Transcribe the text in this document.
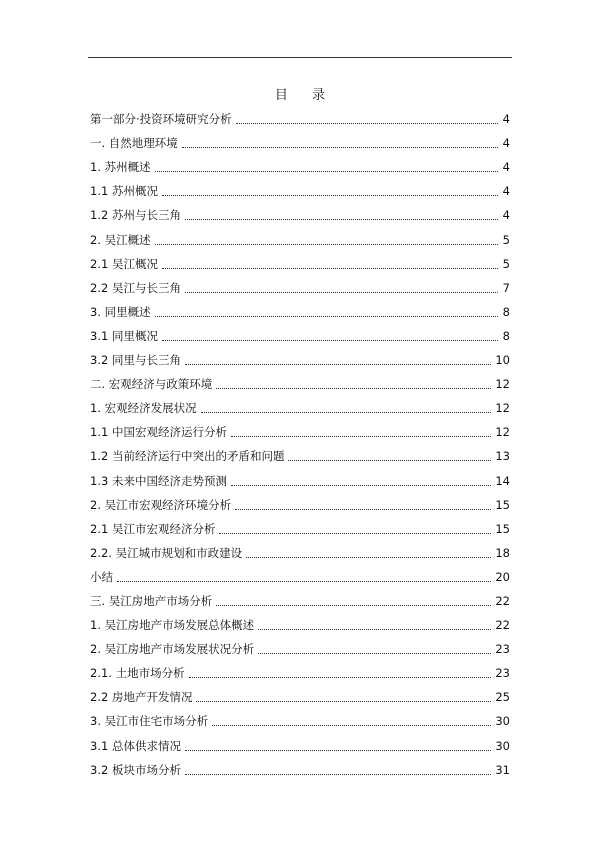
目 录
第一部分·投资环境研究分析	4
一. 自然地理环境	4
1. 苏州概述	4
1.1 苏州概况	4
1.2 苏州与长三角	4
2. 吴江概述	5
2.1 吴江概况	5
2.2 吴江与长三角	7
3. 同里概述	8
3.1 同里概况	8
3.2 同里与长三角	10
二. 宏观经济与政策环境	12
1. 宏观经济发展状况	12
1.1 中国宏观经济运行分析	12
1.2 当前经济运行中突出的矛盾和问题	13
1.3 未来中国经济走势预测	14
2. 吴江市宏观经济环境分析	15
2.1 吴江市宏观经济分析	15
2.2. 吴江城市规划和市政建设	18
小结	20
三. 吴江房地产市场分析	22
1. 吴江房地产市场发展总体概述	22
2. 吴江房地产市场发展状况分析	23
2.1. 土地市场分析	23
2.2 房地产开发情况	25
3. 吴江市住宅市场分析	30
3.1 总体供求情况	30
3.2 板块市场分析	31
